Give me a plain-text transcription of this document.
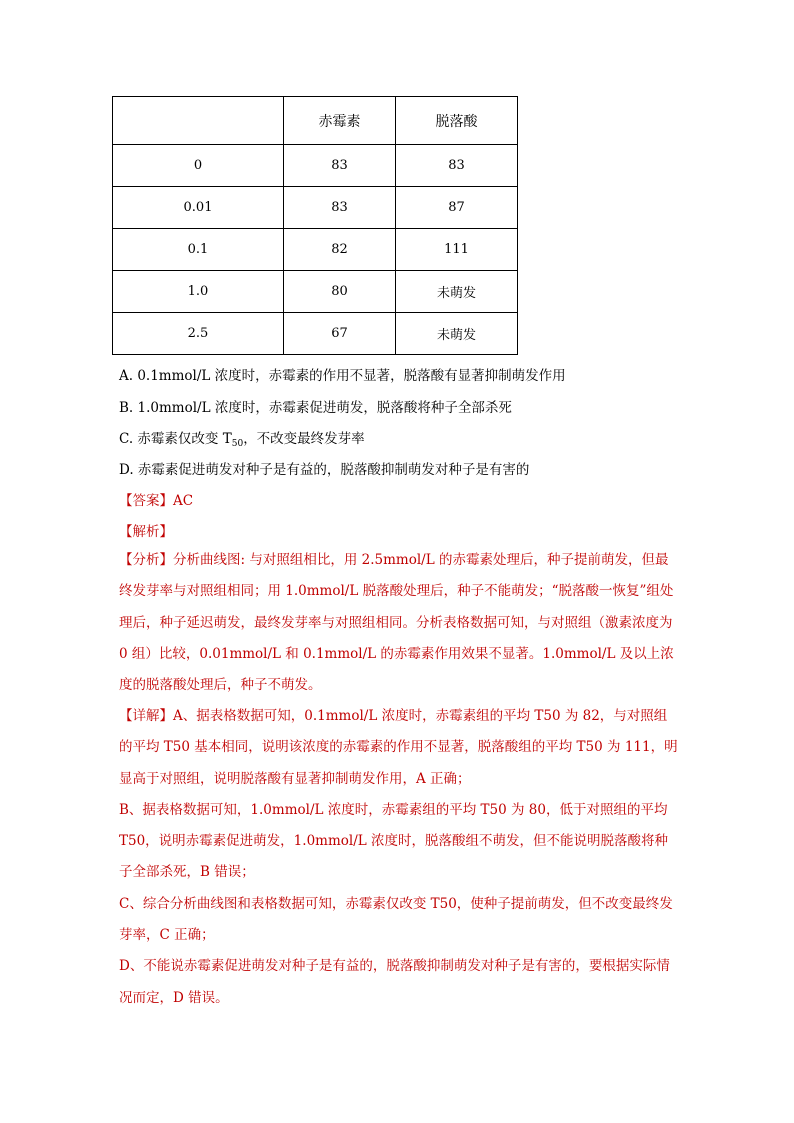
	赤霉素	脱落酸
0	83	83
0.01	83	87
0.1	82	111
1.0	80	未萌发
2.5	67	未萌发
A. 0.1mmol/L 浓度时，赤霉素的作用不显著，脱落酸有显著抑制萌发作用
B. 1.0mmol/L 浓度时，赤霉素促进萌发，脱落酸将种子全部杀死
C. 赤霉素仅改变 $T_{50}$，不改变最终发芽率
D. 赤霉素促进萌发对种子是有益的，脱落酸抑制萌发对种子是有害的
【答案】AC
【解析】

【分析】分析曲线图: 与对照组相比，用 2.5mmol/L 的赤霉素处理后，种子提前萌发，但最终发芽率与对照组相同；用 1.0mmol/L 脱落酸处理后，种子不能萌发；“脱落酸一恢复”组处理后，种子延迟萌发，最终发芽率与对照组相同。分析表格数据可知，与对照组（激素浓度为 0 组）比较，0.01mmol/L 和 0.1mmol/L 的赤霉素作用效果不显著。1.0mmol/L 及以上浓度的脱落酸处理后，种子不萌发。

【详解】A、据表格数据可知，0.1mmol/L 浓度时，赤霉素组的平均 T50 为 82，与对照组的平均 T50 基本相同，说明该浓度的赤霉素的作用不显著，脱落酸组的平均 T50 为 111，明显高于对照组，说明脱落酸有显著抑制萌发作用，A 正确；

B、据表格数据可知，1.0mmol/L 浓度时，赤霉素组的平均 T50 为 80，低于对照组的平均 T50，说明赤霉素促进萌发，1.0mmol/L 浓度时，脱落酸组不萌发，但不能说明脱落酸将种子全部杀死，B 错误；

C、综合分析曲线图和表格数据可知，赤霉素仅改变 T50，使种子提前萌发，但不改变最终发芽率，C 正确；

D、不能说赤霉素促进萌发对种子是有益的，脱落酸抑制萌发对种子是有害的，要根据实际情况而定，D 错误。
